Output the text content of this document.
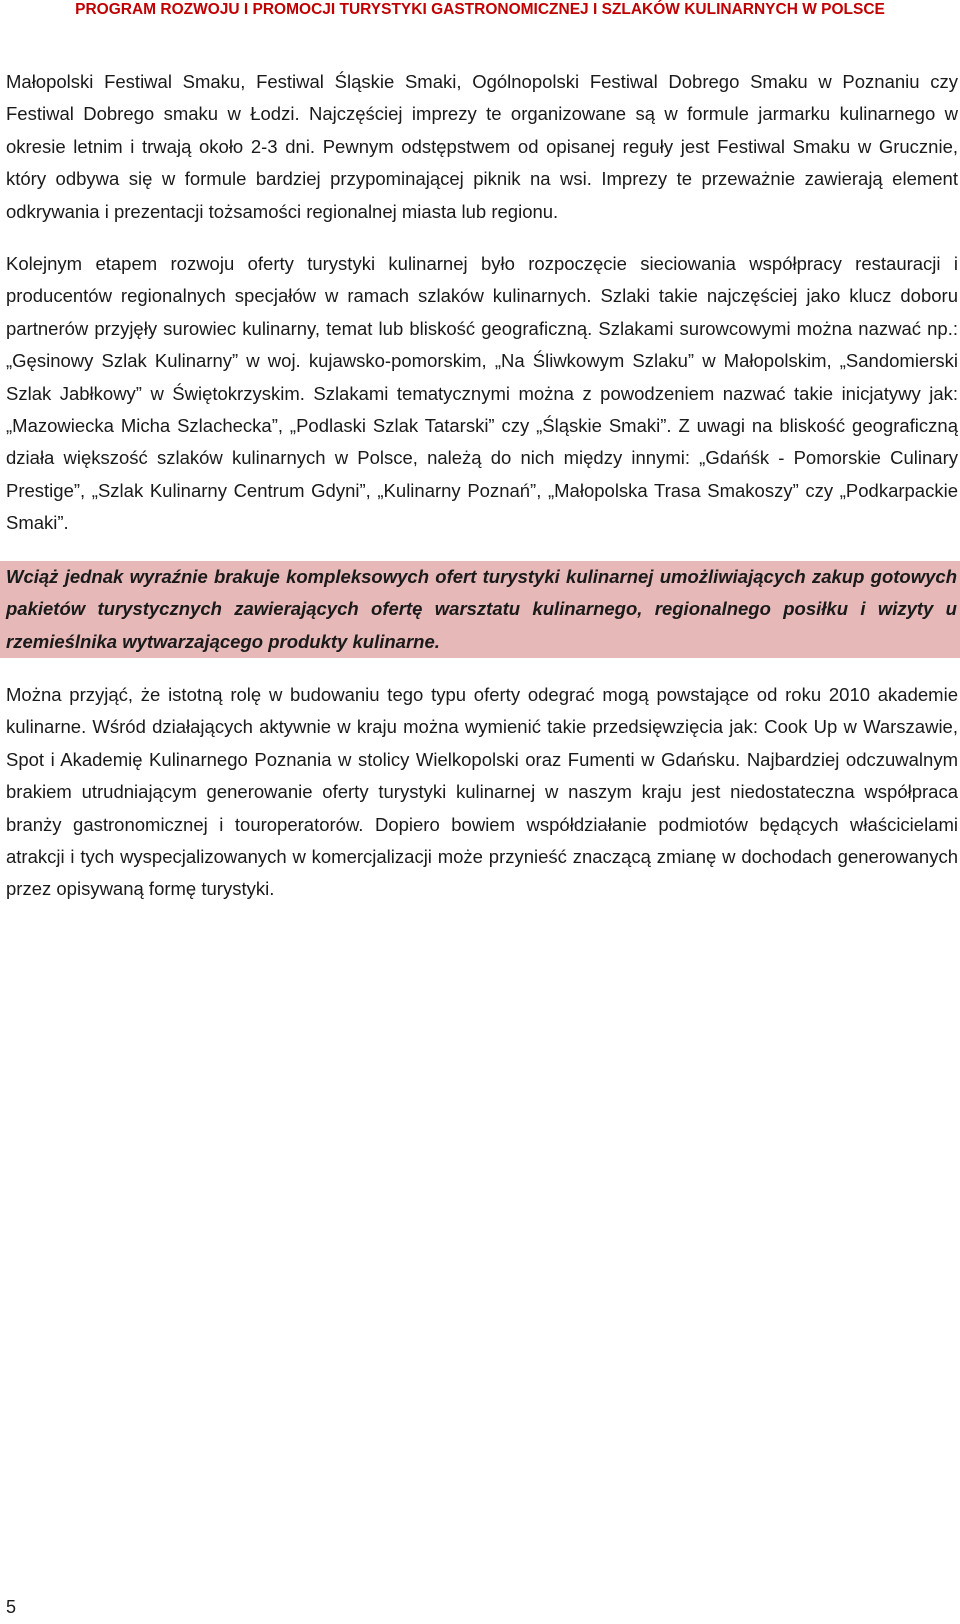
PROGRAM ROZWOJU I PROMOCJI TURYSTYKI GASTRONOMICZNEJ I SZLAKÓW KULINARNYCH W POLSCE

Małopolski Festiwal Smaku, Festiwal Śląskie Smaki, Ogólnopolski Festiwal Dobrego Smaku w Poznaniu czy Festiwal Dobrego smaku w Łodzi. Najczęściej imprezy te organizowane są w formule jarmarku kulinarnego w okresie letnim i trwają około 2-3 dni. Pewnym odstępstwem od opisanej reguły jest Festiwal Smaku w Grucznie, który odbywa się w formule bardziej przypominającej piknik na wsi. Imprezy te przeważnie zawierają element odkrywania i prezentacji tożsamości regionalnej miasta lub regionu.

Kolejnym etapem rozwoju oferty turystyki kulinarnej było rozpoczęcie sieciowania współpracy restauracji i producentów regionalnych specjałów w ramach szlaków kulinarnych. Szlaki takie najczęściej jako klucz doboru partnerów przyjęły surowiec kulinarny, temat lub bliskość geograficzną. Szlakami surowcowymi można nazwać np.: „Gęsinowy Szlak Kulinarny” w woj. kujawsko-pomorskim, „Na Śliwkowym Szlaku” w Małopolskim, „Sandomierski Szlak Jabłkowy” w Świętokrzyskim. Szlakami tematycznymi można z powodzeniem nazwać takie inicjatywy jak: „Mazowiecka Micha Szlachecka”, „Podlaski Szlak Tatarski” czy „Śląskie Smaki”. Z uwagi na bliskość geograficzną działa większość szlaków kulinarnych w Polsce, należą do nich między innymi: „Gdańśk - Pomorskie Culinary Prestige”, „Szlak Kulinarny Centrum Gdyni”, „Kulinarny Poznań”, „Małopolska Trasa Smakoszy” czy „Podkarpackie Smaki”.

Wciąż jednak wyraźnie brakuje kompleksowych ofert turystyki kulinarnej umożliwiających zakup gotowych pakietów turystycznych zawierających ofertę warsztatu kulinarnego, regionalnego posiłku i wizyty u rzemieślnika wytwarzającego produkty kulinarne.

Można przyjąć, że istotną rolę w budowaniu tego typu oferty odegrać mogą powstające od roku 2010 akademie kulinarne. Wśród działających aktywnie w kraju można wymienić takie przedsięwzięcia jak: Cook Up w Warszawie, Spot i Akademię Kulinarnego Poznania w stolicy Wielkopolski oraz Fumenti w Gdańsku. Najbardziej odczuwalnym brakiem utrudniającym generowanie oferty turystyki kulinarnej w naszym kraju jest niedostateczna współpraca branży gastronomicznej i touroperatorów. Dopiero bowiem współdziałanie podmiotów będących właścicielami atrakcji i tych wyspecjalizowanych w komercjalizacji może przynieść znaczącą zmianę w dochodach generowanych przez opisywaną formę turystyki.

5
